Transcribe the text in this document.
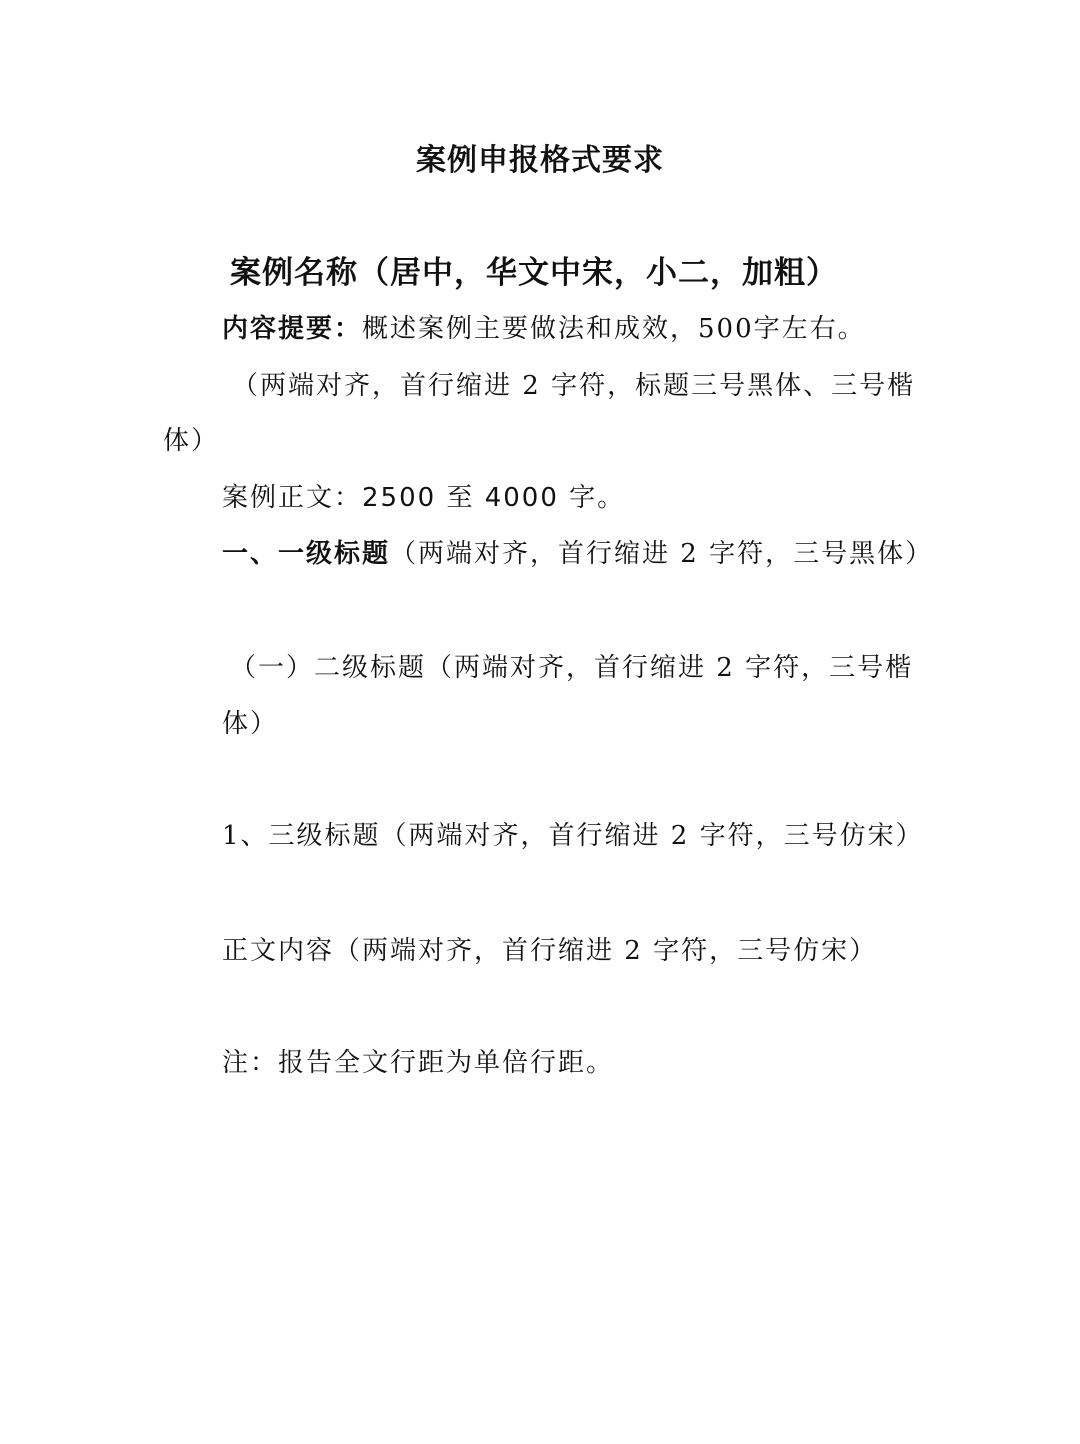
案例申报格式要求
案例名称（居中，华文中宋，小二，加粗）
内容提要：概述案例主要做法和成效，500字左右。
（两端对齐，首行缩进 2 字符，标题三号黑体、三号楷
体）
案例正文：2500 至 4000 字。
一、一级标题（两端对齐，首行缩进 2 字符，三号黑体）
（一）二级标题（两端对齐，首行缩进 2 字符，三号楷
体）
1、三级标题（两端对齐，首行缩进 2 字符，三号仿宋）
正文内容（两端对齐，首行缩进 2 字符，三号仿宋）
注：报告全文行距为单倍行距。
